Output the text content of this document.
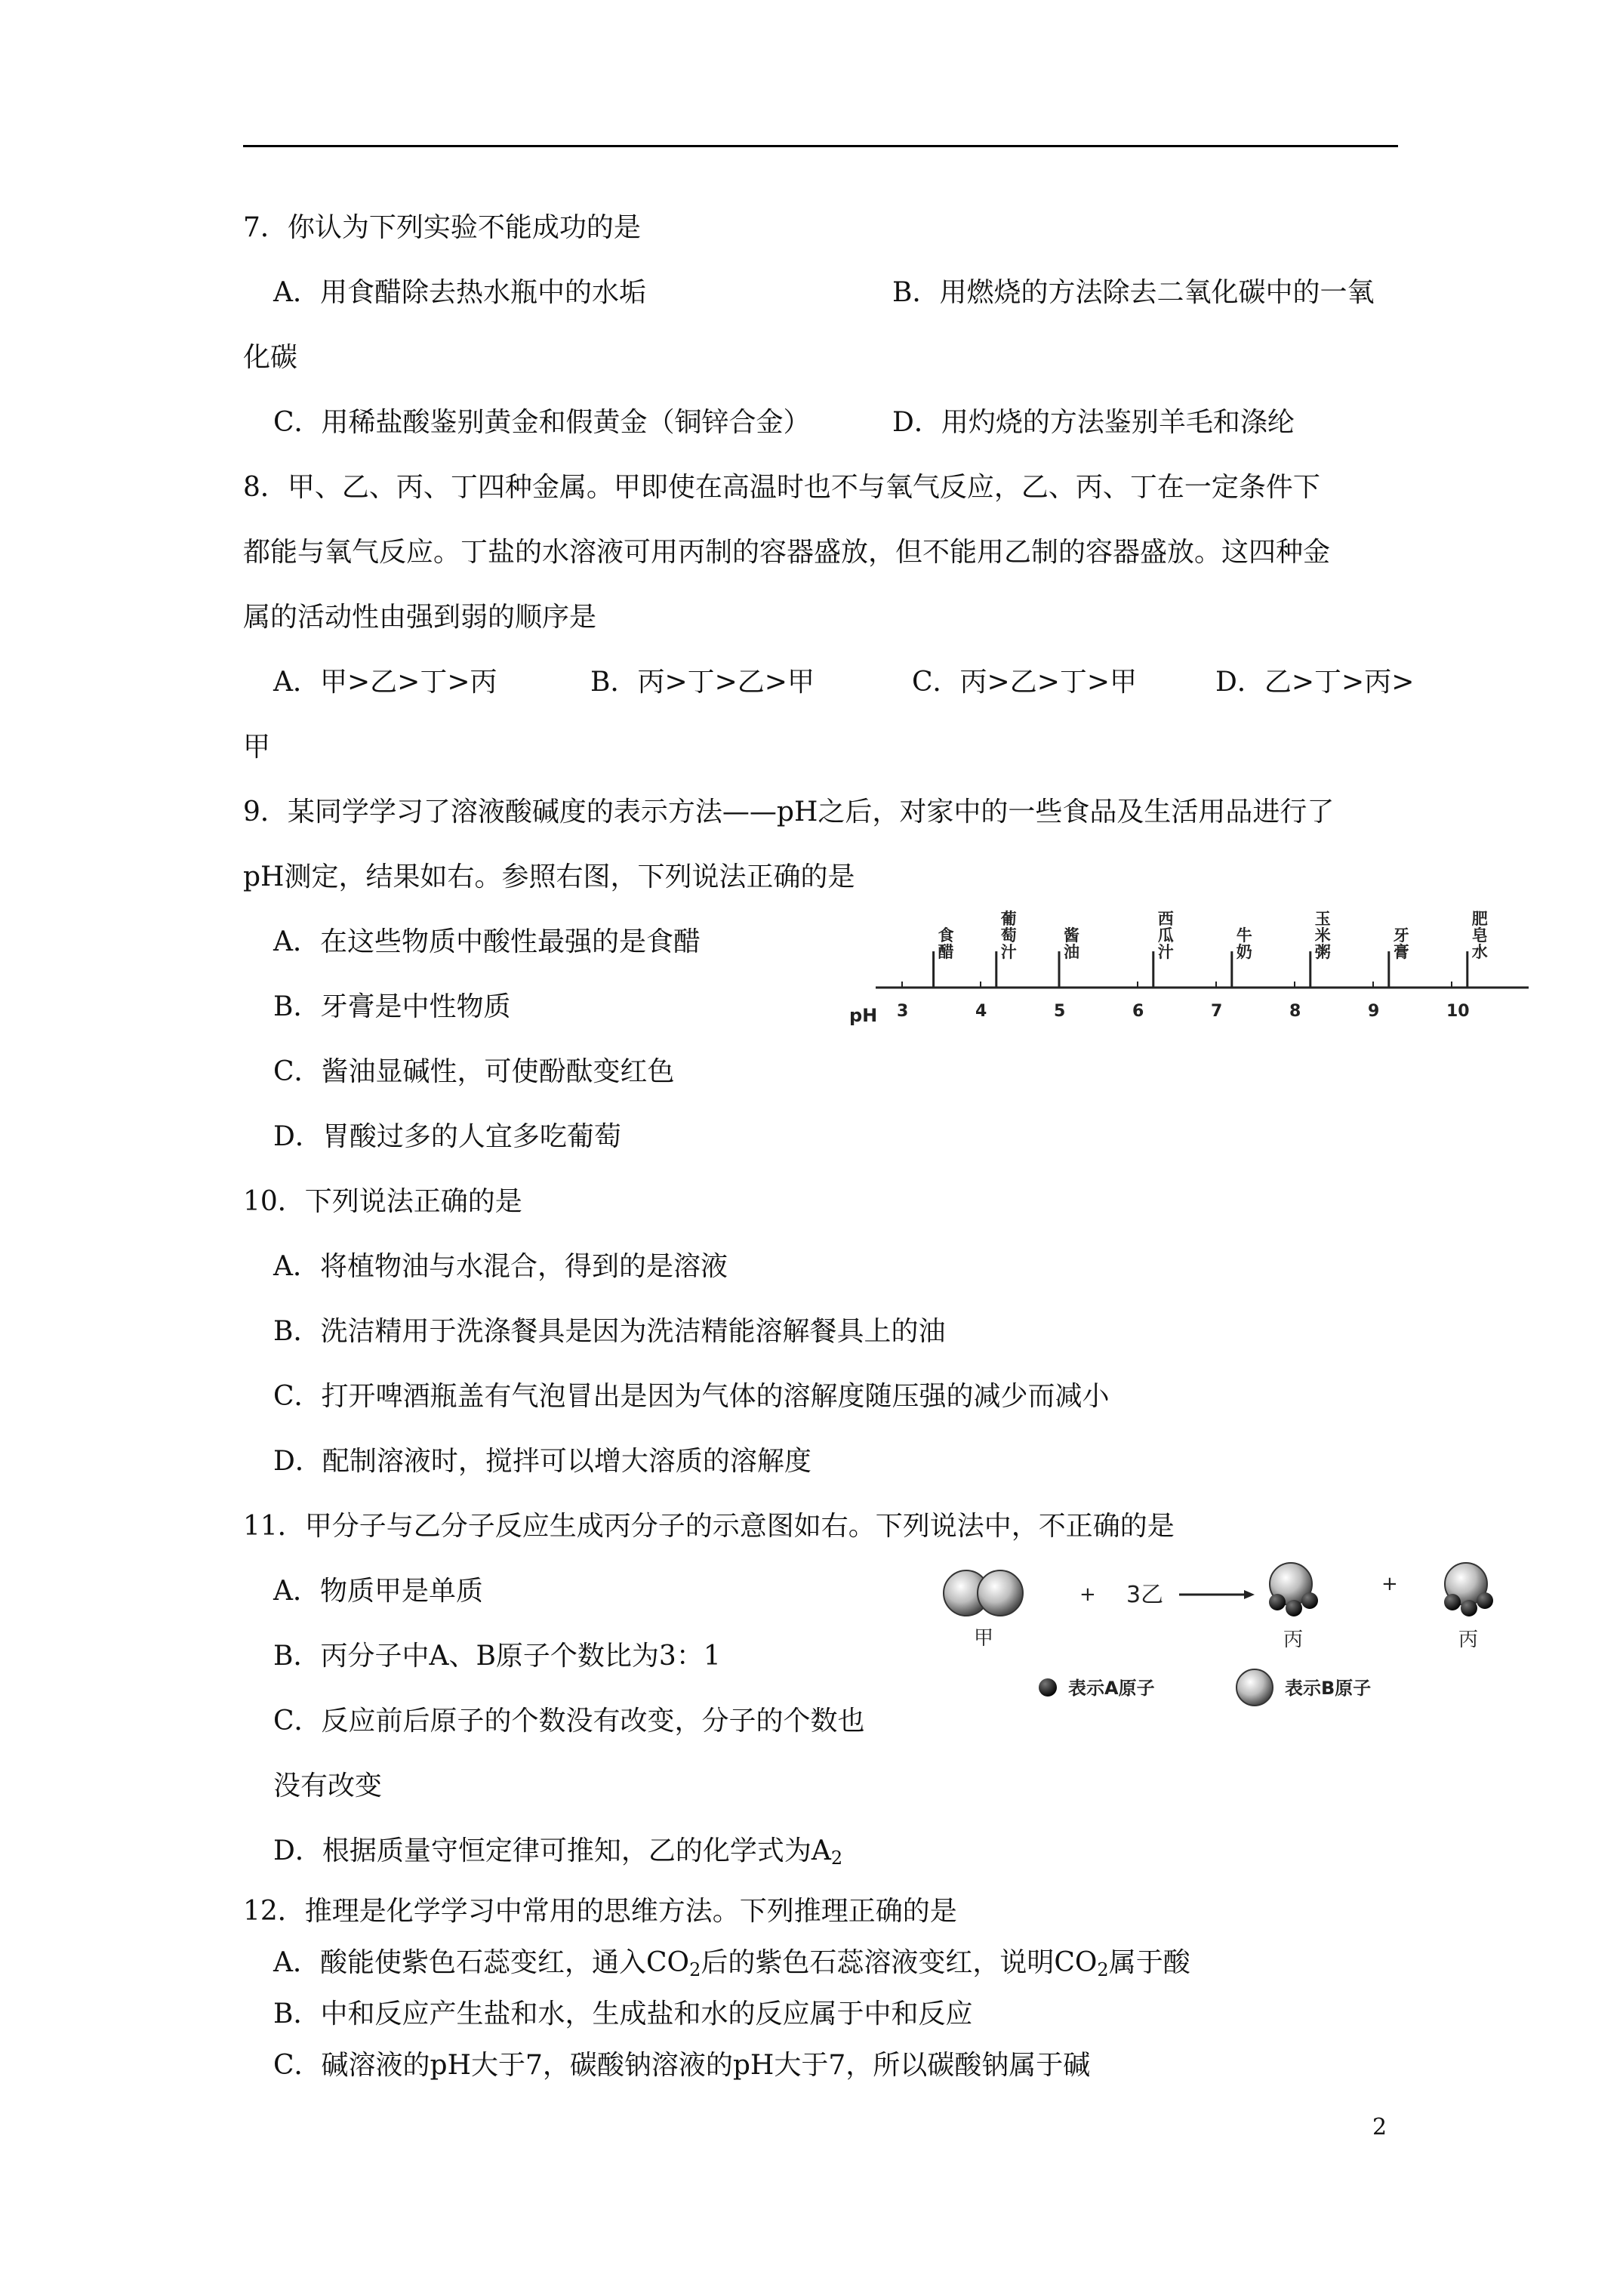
7．你认为下列实验不能成功的是
A．用食醋除去热水瓶中的水垢	B．用燃烧的方法除去二氧化碳中的一氧
化碳
C．用稀盐酸鉴别黄金和假黄金（铜锌合金）	D．用灼烧的方法鉴别羊毛和涤纶
8．甲、乙、丙、丁四种金属。甲即使在高温时也不与氧气反应，乙、丙、丁在一定条件下
都能与氧气反应。丁盐的水溶液可用丙制的容器盛放，但不能用乙制的容器盛放。这四种金
属的活动性由强到弱的顺序是
A．甲>乙>丁>丙	B．丙>丁>乙>甲	C．丙>乙>丁>甲	D．乙>丁>丙>
甲
9．某同学学习了溶液酸碱度的表示方法——pH之后，对家中的一些食品及生活用品进行了
pH测定，结果如右。参照右图，下列说法正确的是
A．在这些物质中酸性最强的是食醋
B．牙膏是中性物质
C．酱油显碱性，可使酚酞变红色
D．胃酸过多的人宜多吃葡萄
pH 3	4	5	6	7	8	9	10
食
醋
葡
萄
汁
酱
油
西
瓜
汁
牛
奶
玉
米
粥
牙
膏
肥
皂
水
10．下列说法正确的是
A．将植物油与水混合，得到的是溶液
B．洗洁精用于洗涤餐具是因为洗洁精能溶解餐具上的油
C．打开啤酒瓶盖有气泡冒出是因为气体的溶解度随压强的减少而减小
D．配制溶液时，搅拌可以增大溶质的溶解度
11．甲分子与乙分子反应生成丙分子的示意图如右。下列说法中，不正确的是
A．物质甲是单质
B．丙分子中A、B原子个数比为3：1
C．反应前后原子的个数没有改变，分子的个数也
没有改变
D．根据质量守恒定律可推知，乙的化学式为$A_2$
甲
+ 3乙
丙
+
丙
表示A原子	表示B原子
12．推理是化学学习中常用的思维方法。下列推理正确的是
A．酸能使紫色石蕊变红，通入$CO_2$后的紫色石蕊溶液变红，说明$CO_2$属于酸
B．中和反应产生盐和水，生成盐和水的反应属于中和反应
C．碱溶液的pH大于7，碳酸钠溶液的pH大于7，所以碳酸钠属于碱
2
